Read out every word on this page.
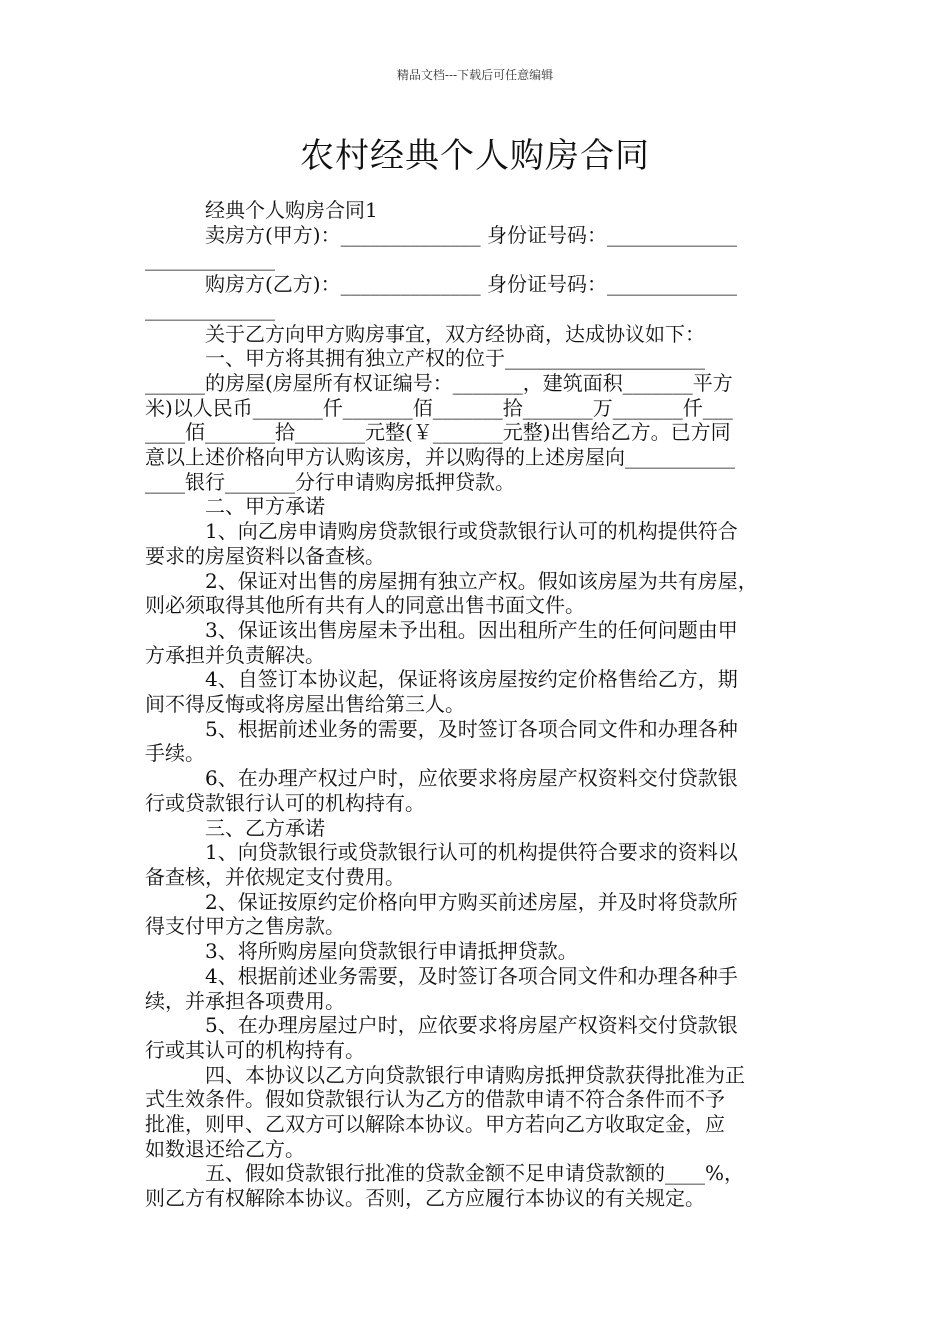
精品文档---下载后可任意编辑
农村经典个人购房合同

　　　经典个人购房合同1

　　　卖房方(甲方)：______________ 身份证号码：_____________

_____________

　　　购房方(乙方)：______________ 身份证号码：_____________

_____________

　　　关于乙方向甲方购房事宜，双方经协商，达成协议如下：

　　　一、甲方将其拥有独立产权的位于____________________

______的房屋(房屋所有权证编号：_______，建筑面积_______平方

米)以人民币_______仟_______佰_______拾_______万_______仟___

____佰_______拾_______元整(￥_______元整)出售给乙方。已方同

意以上述价格向甲方认购该房，并以购得的上述房屋向___________

____银行_______分行申请购房抵押贷款。

　　　二、甲方承诺

　　　1、向乙房申请购房贷款银行或贷款银行认可的机构提供符合

要求的房屋资料以备查核。

　　　2、保证对出售的房屋拥有独立产权。假如该房屋为共有房屋，

则必须取得其他所有共有人的同意出售书面文件。

　　　3、保证该出售房屋未予出租。因出租所产生的任何问题由甲

方承担并负责解决。

　　　4、自签订本协议起，保证将该房屋按约定价格售给乙方，期

间不得反悔或将房屋出售给第三人。

　　　5、根据前述业务的需要，及时签订各项合同文件和办理各种

手续。

　　　6、在办理产权过户时，应依要求将房屋产权资料交付贷款银

行或贷款银行认可的机构持有。

　　　三、乙方承诺

　　　1、向贷款银行或贷款银行认可的机构提供符合要求的资料以

备查核，并依规定支付费用。

　　　2、保证按原约定价格向甲方购买前述房屋，并及时将贷款所

得支付甲方之售房款。

　　　3、将所购房屋向贷款银行申请抵押贷款。

　　　4、根据前述业务需要，及时签订各项合同文件和办理各种手

续，并承担各项费用。

　　　5、在办理房屋过户时，应依要求将房屋产权资料交付贷款银

行或其认可的机构持有。

　　　四、本协议以乙方向贷款银行申请购房抵押贷款获得批准为正

式生效条件。假如贷款银行认为乙方的借款申请不符合条件而不予

批准，则甲、乙双方可以解除本协议。甲方若向乙方收取定金，应

如数退还给乙方。

　　　五、假如贷款银行批准的贷款金额不足申请贷款额的____%，

则乙方有权解除本协议。否则，乙方应履行本协议的有关规定。
